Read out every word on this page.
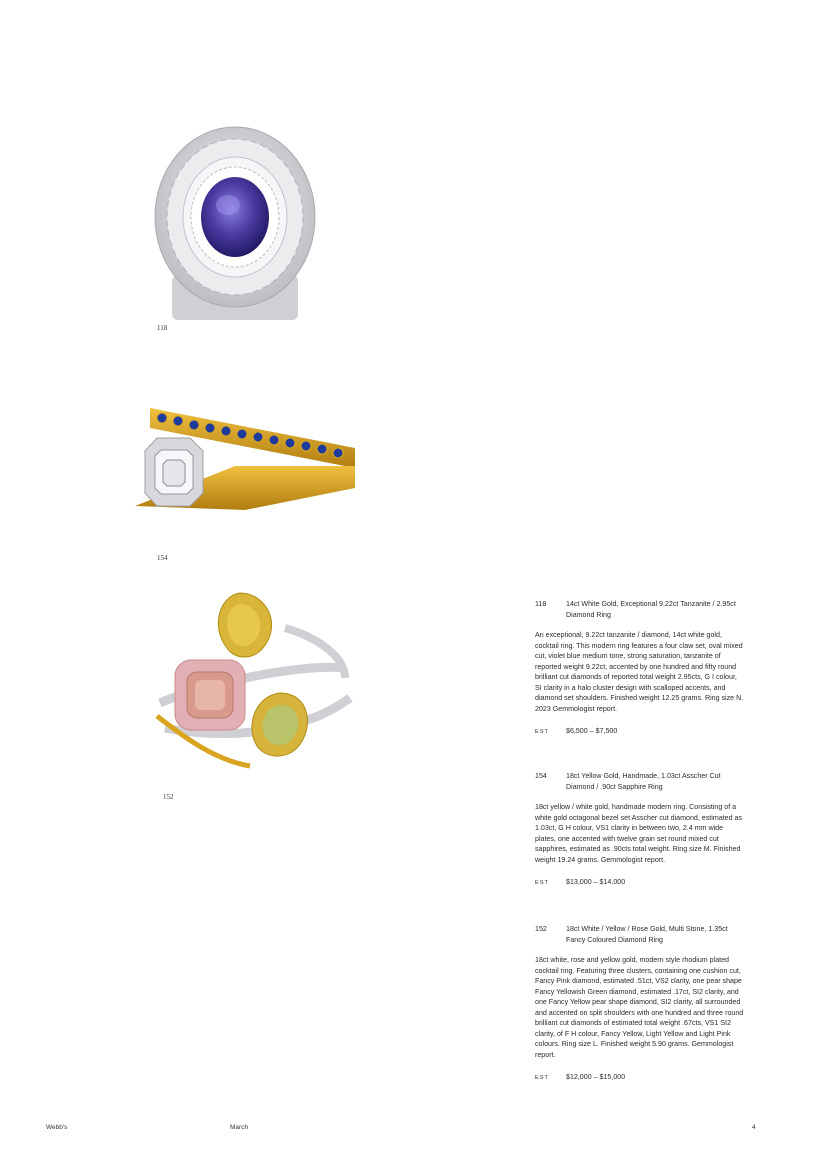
118
154
152
118	14ct White Gold, Exceptional 9.22ct Tanzanite / 2.95ct Diamond Ring
An exceptional, 9.22ct tanzanite / diamond, 14ct white gold, cocktail ring. This modern ring features a four claw set, oval mixed cut, violet blue medium tone, strong saturation, tanzanite of reported weight 9.22ct, accented by one hundred and fifty round brilliant cut diamonds of reported total weight 2.95cts, G I colour, SI clarity in a halo cluster design with scalloped accents, and diamond set shoulders. Finished weight 12.25 grams. Ring size N. 2023 Gemmologist report.
EST	$6,500 – $7,500
154	18ct Yellow Gold, Handmade, 1.03ct Asscher Cut Diamond / .90ct Sapphire Ring
18ct yellow / white gold, handmade modern ring. Consisting of a white gold octagonal bezel set Asscher cut diamond, estimated as 1.03ct, G H colour, VS1 clarity in between two, 2.4 mm wide plates, one accented with twelve grain set round mixed cut sapphires, estimated as .90cts total weight. Ring size M. Finished weight 19.24 grams. Gemmologist report.
EST	$13,000 – $14,000
152	18ct White / Yellow / Rose Gold, Multi Stone, 1.35ct Fancy Coloured Diamond Ring
18ct white, rose and yellow gold, modern style rhodium plated cocktail ring. Featuring three clusters, containing one cushion cut, Fancy Pink diamond, estimated .51ct, VS2 clarity, one pear shape Fancy Yellowish Green diamond, estimated .17ct, SI2 clarity, and one Fancy Yellow pear shape diamond, SI2 clarity, all surrounded and accented on split shoulders with one hundred and three round brilliant cut diamonds of estimated total weight .67cts, VS1 SI2 clarity, of F H colour, Fancy Yellow, Light Yellow and Light Pink colours. Ring size L. Finished weight 5.90 grams. Gemmologist report.
EST	$12,000 – $15,000
Webb's	March	4
